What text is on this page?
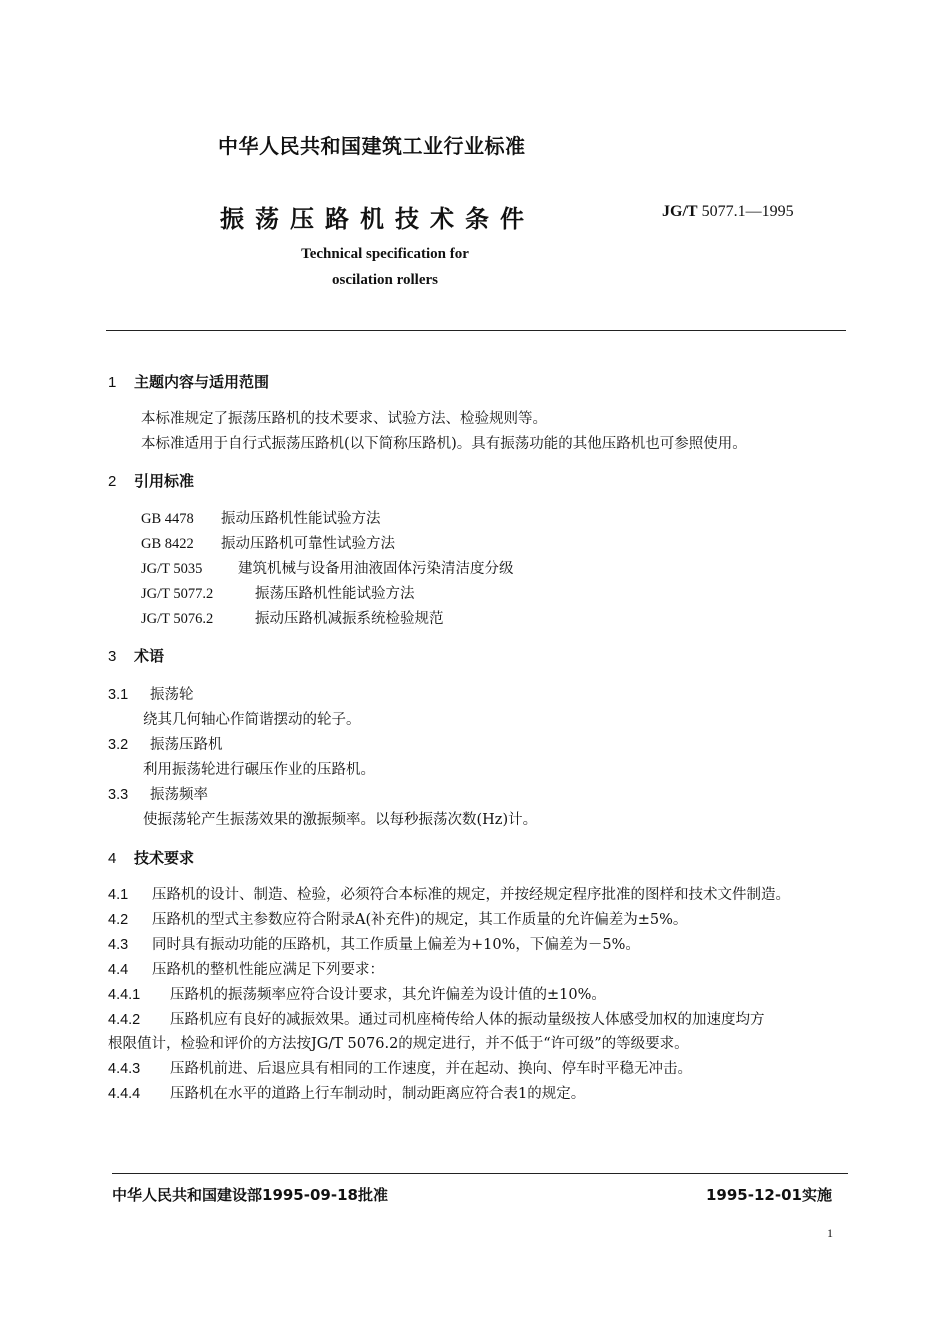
中华人民共和国建筑工业行业标准
振荡压路机技术条件	JG/T 5077.1—1995
Technical specification for
oscilation rollers
1 主题内容与适用范围
本标准规定了振荡压路机的技术要求、试验方法、检验规则等。
本标准适用于自行式振荡压路机(以下简称压路机)。具有振荡功能的其他压路机也可参照使用。
2 引用标准
GB 4478 振动压路机性能试验方法
GB 8422 振动压路机可靠性试验方法
JG/T 5035 建筑机械与设备用油液固体污染清洁度分级
JG/T 5077.2	振荡压路机性能试验方法
JG/T 5076.2	振动压路机减振系统检验规范
3 术语
3.1 振荡轮
绕其几何轴心作简谐摆动的轮子。
3.2 振荡压路机
利用振荡轮进行碾压作业的压路机。
3.3 振荡频率
使振荡轮产生振荡效果的激振频率。以每秒振荡次数(Hz)计。
4 技术要求
4.1 压路机的设计、制造、检验，必须符合本标准的规定，并按经规定程序批准的图样和技术文件制造。
4.2 压路机的型式主参数应符合附录A(补充件)的规定，其工作质量的允许偏差为±5%。
4.3 同时具有振动功能的压路机，其工作质量上偏差为+10%，下偏差为－5%。
4.4 压路机的整机性能应满足下列要求：
4.4.1 压路机的振荡频率应符合设计要求，其允许偏差为设计值的±10%。
4.4.2 压路机应有良好的减振效果。通过司机座椅传给人体的振动量级按人体感受加权的加速度均方
根限值计，检验和评价的方法按JG/T 5076.2的规定进行，并不低于“许可级”的等级要求。
4.4.3 压路机前进、后退应具有相同的工作速度，并在起动、换向、停车时平稳无冲击。
4.4.4 压路机在水平的道路上行车制动时，制动距离应符合表1的规定。
中华人民共和国建设部1995-09-18批准	1995-12-01实施
1
